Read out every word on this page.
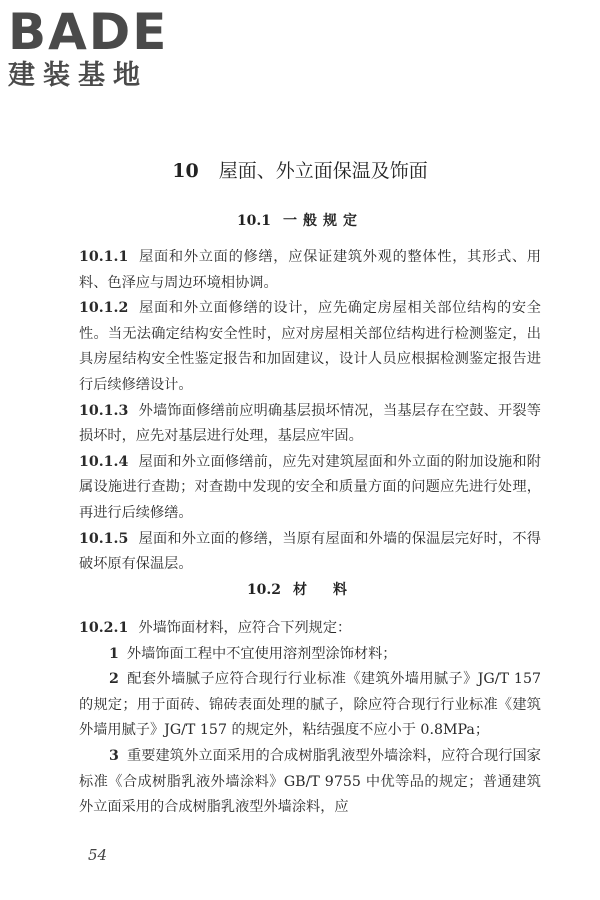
BADE
建装基地
10 屋面、外立面保温及饰面
10.1 一般规定

10.1.1 屋面和外立面的修缮，应保证建筑外观的整体性，其形式、用料、色泽应与周边环境相协调。

10.1.2 屋面和外立面修缮的设计，应先确定房屋相关部位结构的安全性。当无法确定结构安全性时，应对房屋相关部位结构进行检测鉴定，出具房屋结构安全性鉴定报告和加固建议，设计人员应根据检测鉴定报告进行后续修缮设计。

10.1.3 外墙饰面修缮前应明确基层损坏情况，当基层存在空鼓、开裂等损坏时，应先对基层进行处理，基层应牢固。

10.1.4 屋面和外立面修缮前，应先对建筑屋面和外立面的附加设施和附属设施进行查勘；对查勘中发现的安全和质量方面的问题应先进行处理，再进行后续修缮。

10.1.5 屋面和外立面的修缮，当原有屋面和外墙的保温层完好时，不得破坏原有保温层。

10.2 材　料

10.2.1 外墙饰面材料，应符合下列规定：

1 外墙饰面工程中不宜使用溶剂型涂饰材料；

2 配套外墙腻子应符合现行行业标准《建筑外墙用腻子》JG/T 157 的规定；用于面砖、锦砖表面处理的腻子，除应符合现行行业标准《建筑外墙用腻子》JG/T 157 的规定外，粘结强度不应小于 0.8MPa；

3 重要建筑外立面采用的合成树脂乳液型外墙涂料，应符合现行国家标准《合成树脂乳液外墙涂料》GB/T 9755 中优等品的规定；普通建筑外立面采用的合成树脂乳液型外墙涂料，应

54
